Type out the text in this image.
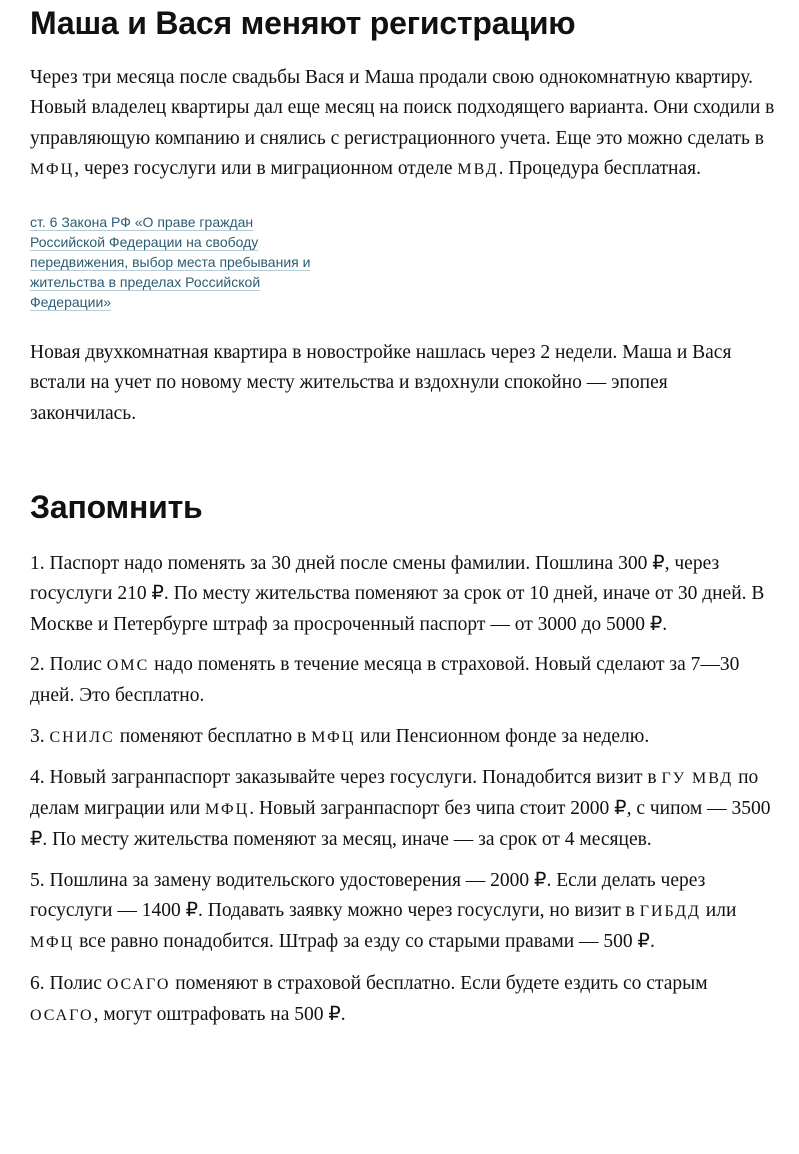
Маша и Вася меняют регистрацию

Через три месяца после свадьбы Вася и Маша продали свою однокомнатную квартиру. Новый владелец квартиры дал еще месяц на поиск подходящего варианта. Они сходили в управляющую компанию и снялись с регистрационного учета. Еще это можно сделать в МФЦ, через госуслуги или в миграционном отделе МВД. Процедура бесплатная.

ст. 6 Закона РФ «О праве граждан Российской Федерации на свободу передвижения, выбор места пребывания и жительства в пределах Российской Федерации»

Новая двухкомнатная квартира в новостройке нашлась через 2 недели. Маша и Вася встали на учет по новому месту жительства и вздохнули спокойно — эпопея закончилась.

Запомнить

1. Паспорт надо поменять за 30 дней после смены фамилии. Пошлина 300 ₽, через госуслуги 210 ₽. По месту жительства поменяют за срок от 10 дней, иначе от 30 дней. В Москве и Петербурге штраф за просроченный паспорт — от 3000 до 5000 ₽.

2. Полис ОМС надо поменять в течение месяца в страховой. Новый сделают за 7—30 дней. Это бесплатно.

3. СНИЛС поменяют бесплатно в МФЦ или Пенсионном фонде за неделю.

4. Новый загранпаспорт заказывайте через госуслуги. Понадобится визит в ГУ МВД по делам миграции или МФЦ. Новый загранпаспорт без чипа стоит 2000 ₽, с чипом — 3500 ₽. По месту жительства поменяют за месяц, иначе — за срок от 4 месяцев.

5. Пошлина за замену водительского удостоверения — 2000 ₽. Если делать через госуслуги — 1400 ₽. Подавать заявку можно через госуслуги, но визит в ГИБДД или МФЦ все равно понадобится. Штраф за езду со старыми правами — 500 ₽.

6. Полис ОСАГО поменяют в страховой бесплатно. Если будете ездить со старым ОСАГО, могут оштрафовать на 500 ₽.
